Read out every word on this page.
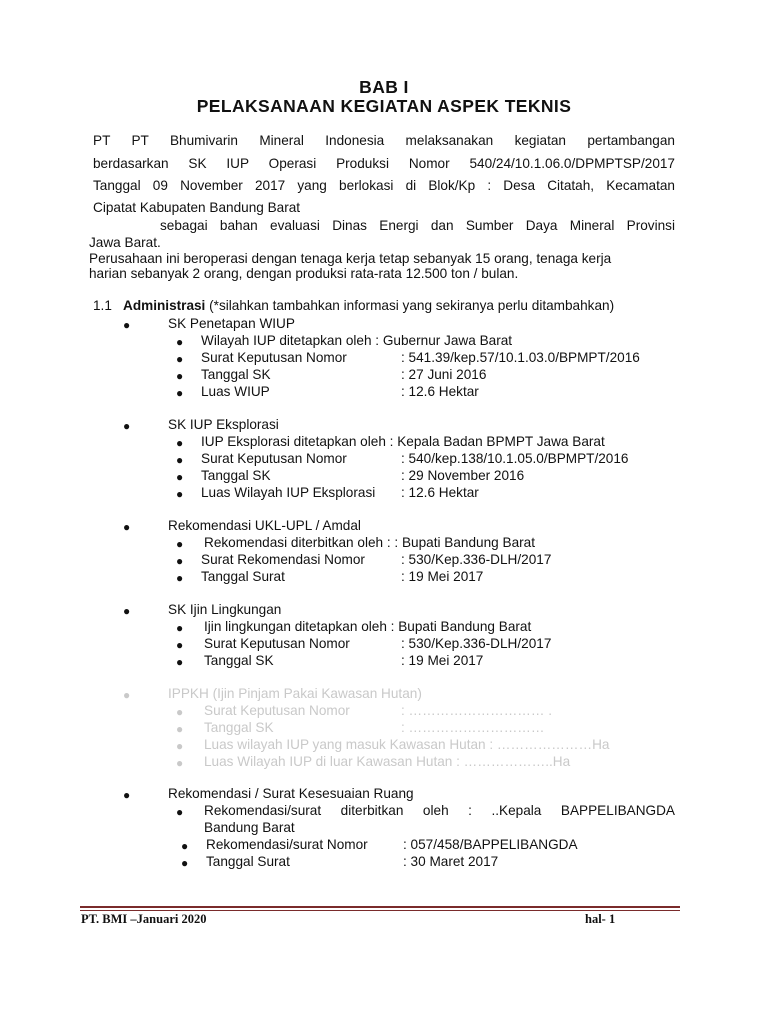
BAB I
PELAKSANAAN KEGIATAN ASPEK TEKNIS
PT PT Bhumivarin Mineral Indonesia melaksanakan kegiatan pertambangan
berdasarkan SK IUP Operasi Produksi Nomor 540/24/10.1.06.0/DPMPTSP/2017
Tanggal 09 November 2017 yang berlokasi di Blok/Kp : Desa Citatah, Kecamatan
Cipatat Kabupaten Bandung Barat
sebagai bahan evaluasi Dinas Energi dan Sumber Daya Mineral Provinsi
Jawa Barat.
Perusahaan ini beroperasi dengan tenaga kerja tetap sebanyak 15 orang, tenaga kerja
harian sebanyak 2 orang, dengan produksi rata-rata 12.500 ton / bulan.
1.1 Administrasi (*silahkan tambahkan informasi yang sekiranya perlu ditambahkan)
●	SK Penetapan WIUP
● Wilayah IUP ditetapkan oleh : Gubernur Jawa Barat
● Surat Keputusan Nomor	: 541.39/kep.57/10.1.03.0/BPMPT/2016
● Tanggal SK	: 27 Juni 2016
● Luas WIUP	: 12.6 Hektar
●	SK IUP Eksplorasi
● IUP Eksplorasi ditetapkan oleh : Kepala Badan BPMPT Jawa Barat
● Surat Keputusan Nomor	: 540/kep.138/10.1.05.0/BPMPT/2016
● Tanggal SK	: 29 November 2016
● Luas Wilayah IUP Eksplorasi : 12.6 Hektar
●	Rekomendasi UKL-UPL / Amdal
● Rekomendasi diterbitkan oleh : : Bupati Bandung Barat
● Surat Rekomendasi Nomor	: 530/Kep.336-DLH/2017
● Tanggal Surat	: 19 Mei 2017
●	SK Ijin Lingkungan
● Ijin lingkungan ditetapkan oleh : Bupati Bandung Barat
● Surat Keputusan Nomor	: 530/Kep.336-DLH/2017
● Tanggal SK	: 19 Mei 2017
●	IPPKH (Ijin Pinjam Pakai Kawasan Hutan)
● Surat Keputusan Nomor	: ………………………… .
● Tanggal SK	: …………………………
● Luas wilayah IUP yang masuk Kawasan Hutan : …………………Ha
● Luas Wilayah IUP di luar Kawasan Hutan : ………………..Ha
●	Rekomendasi / Surat Kesesuaian Ruang
● Rekomendasi/surat diterbitkan oleh : ..Kepala BAPPELIBANGDA
Bandung Barat
● Rekomendasi/surat Nomor	: 057/458/BAPPELIBANGDA
● Tanggal Surat	: 30 Maret 2017
PT. BMI –Januari 2020	hal- 1
